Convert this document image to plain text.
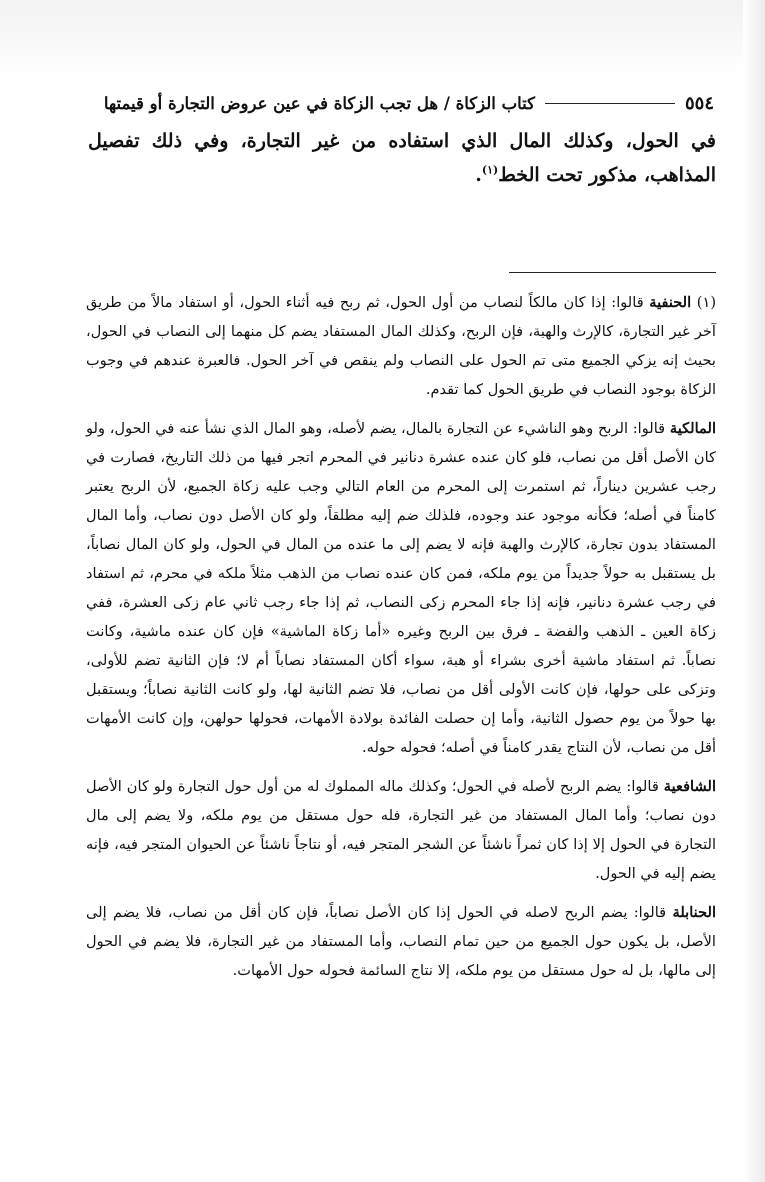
٥٥٤
كتاب الزكاة / هل تجب الزكاة في عين عروض التجارة أو قيمتها

في الحول، وكذلك المال الذي استفاده من غير التجارة، وفي ذلك تفصيل المذاهب، مذكور تحت الخط$^{(١)}$.

(١) الحنفية قالوا: إذا كان مالكاً لنصاب من أول الحول، ثم ربح فيه أثناء الحول، أو استفاد مالاً من طريق آخر غير التجارة، كالإرث والهبة، فإن الربح، وكذلك المال المستفاد يضم كل منهما إلى النصاب في الحول، بحيث إنه يزكي الجميع متى تم الحول على النصاب ولم ينقص في آخر الحول. فالعبرة عندهم في وجوب الزكاة بوجود النصاب في طريق الحول كما تقدم.

المالكية قالوا: الربح وهو الناشيء عن التجارة بالمال، يضم لأصله، وهو المال الذي نشأ عنه في الحول، ولو كان الأصل أقل من نصاب، فلو كان عنده عشرة دنانير في المحرم اتجر فيها من ذلك التاريخ، فصارت في رجب عشرين ديناراً، ثم استمرت إلى المحرم من العام التالي وجب عليه زكاة الجميع، لأن الربح يعتبر كامناً في أصله؛ فكأنه موجود عند وجوده، فلذلك ضم إليه مطلقاً، ولو كان الأصل دون نصاب، وأما المال المستفاد بدون تجارة، كالإرث والهبة فإنه لا يضم إلى ما عنده من المال في الحول، ولو كان المال نصاباً، بل يستقبل به حولاً جديداً من يوم ملكه، فمن كان عنده نصاب من الذهب مثلاً ملكه في محرم، ثم استفاد في رجب عشرة دنانير، فإنه إذا جاء المحرم زكى النصاب، ثم إذا جاء رجب ثاني عام زكى العشرة، ففي زكاة العين ـ الذهب والفضة ـ فرق بين الربح وغيره «أما زكاة الماشية» فإن كان عنده ماشية، وكانت نصاباً. ثم استفاد ماشية أخرى بشراء أو هبة، سواء أكان المستفاد نصاباً أم لا؛ فإن الثانية تضم للأولى، وتزكى على حولها، فإن كانت الأولى أقل من نصاب، فلا تضم الثانية لها، ولو كانت الثانية نصاباً؛ ويستقبل بها حولاً من يوم حصول الثانية، وأما إن حصلت الفائدة بولادة الأمهات، فحولها حولهن، وإن كانت الأمهات أقل من نصاب، لأن النتاج يقدر كامناً في أصله؛ فحوله حوله.

الشافعية قالوا: يضم الربح لأصله في الحول؛ وكذلك ماله المملوك له من أول حول التجارة ولو كان الأصل دون نصاب؛ وأما المال المستفاد من غير التجارة، فله حول مستقل من يوم ملكه، ولا يضم إلى مال التجارة في الحول إلا إذا كان ثمراً ناشئاً عن الشجر المتجر فيه، أو نتاجاً ناشئاً عن الحيوان المتجر فيه، فإنه يضم إليه في الحول.

الحنابلة قالوا: يضم الربح لاصله في الحول إذا كان الأصل نصاباً، فإن كان أقل من نصاب، فلا يضم إلى الأصل، بل يكون حول الجميع من حين تمام النصاب، وأما المستفاد من غير التجارة، فلا يضم في الحول إلى مالها، بل له حول مستقل من يوم ملكه، إلا نتاج السائمة فحوله حول الأمهات.
